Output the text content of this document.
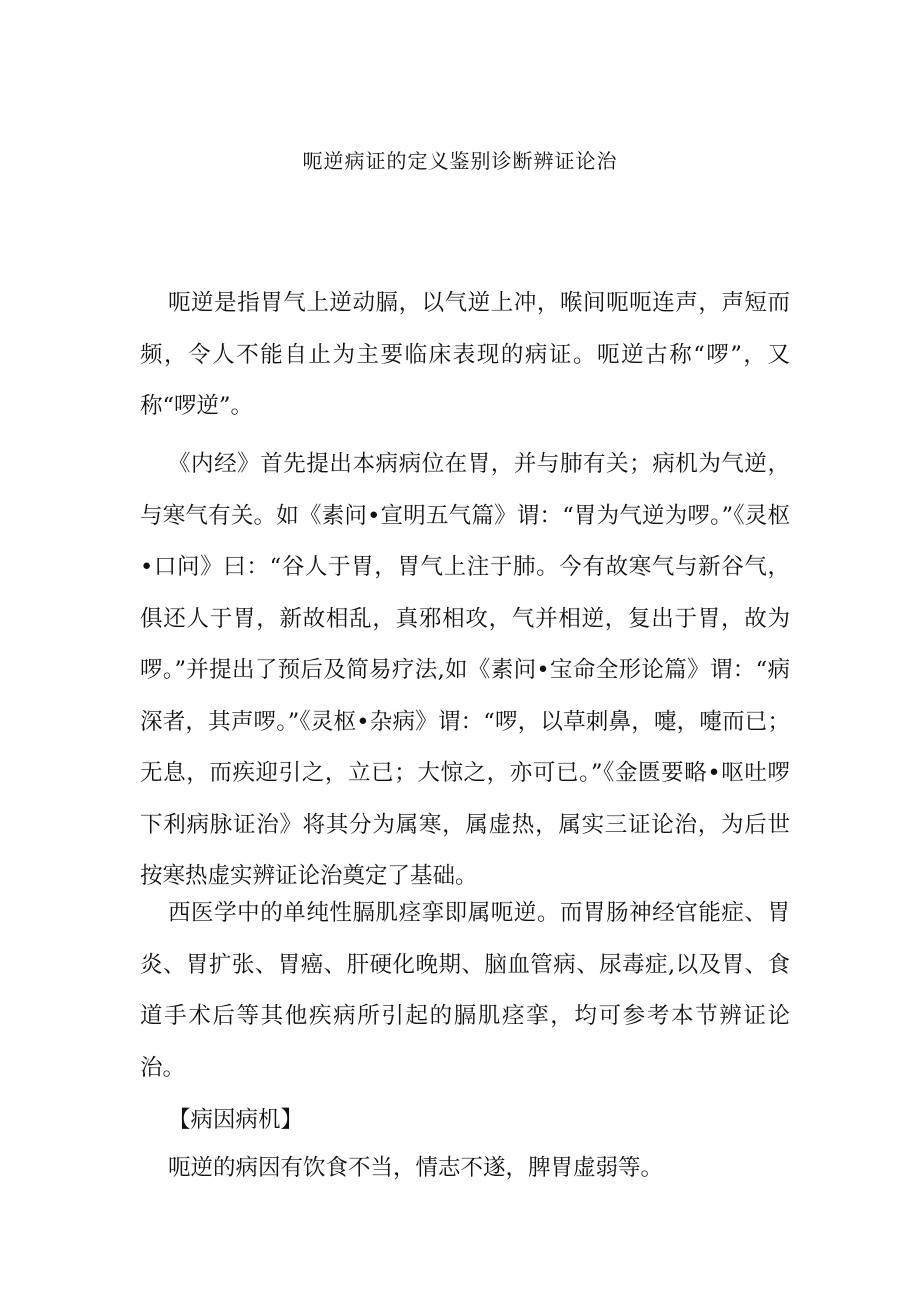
呃逆病证的定义鉴别诊断辨证论治

呃逆是指胃气上逆动膈，以气逆上冲，喉间呃呃连声，声短而频，令人不能自止为主要临床表现的病证。呃逆古称“啰”，又称“啰逆”。

《内经》首先提出本病病位在胃，并与肺有关；病机为气逆，与寒气有关。如《素问•宣明五气篇》谓：“胃为气逆为啰。”《灵枢•口问》曰：“谷人于胃，胃气上注于肺。今有故寒气与新谷气，俱还人于胃，新故相乱，真邪相攻，气并相逆，复出于胃，故为啰。”并提出了预后及简易疗法,如《素问•宝命全形论篇》谓：“病深者，其声啰。”《灵枢•杂病》谓：“啰，以草刺鼻，嚏，嚏而已；无息，而疾迎引之，立已；大惊之，亦可已。”《金匮要略•呕吐啰下利病脉证治》将其分为属寒，属虚热，属实三证论治，为后世按寒热虚实辨证论治奠定了基础。

西医学中的单纯性膈肌痉挛即属呃逆。而胃肠神经官能症、胃炎、胃扩张、胃癌、肝硬化晚期、脑血管病、尿毒症,以及胃、食道手术后等其他疾病所引起的膈肌痉挛，均可参考本节辨证论治。

【病因病机】

呃逆的病因有饮食不当，情志不遂，脾胃虚弱等。
